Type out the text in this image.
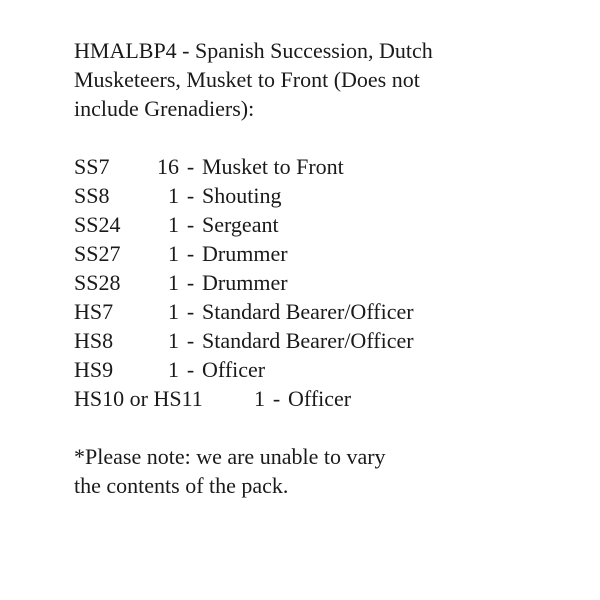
HMALBP4 - Spanish Succession, Dutch
Musketeers, Musket to Front (Does not
include Grenadiers):
SS7	16 - Musket to Front
SS8	1 - Shouting
SS24	1 - Sergeant
SS27	1 - Drummer
SS28	1 - Drummer
HS7	1 - Standard Bearer/Officer
HS8	1 - Standard Bearer/Officer
HS9	1 - Officer
HS10 or HS11	1 - Officer
*Please note: we are unable to vary
the contents of the pack.
